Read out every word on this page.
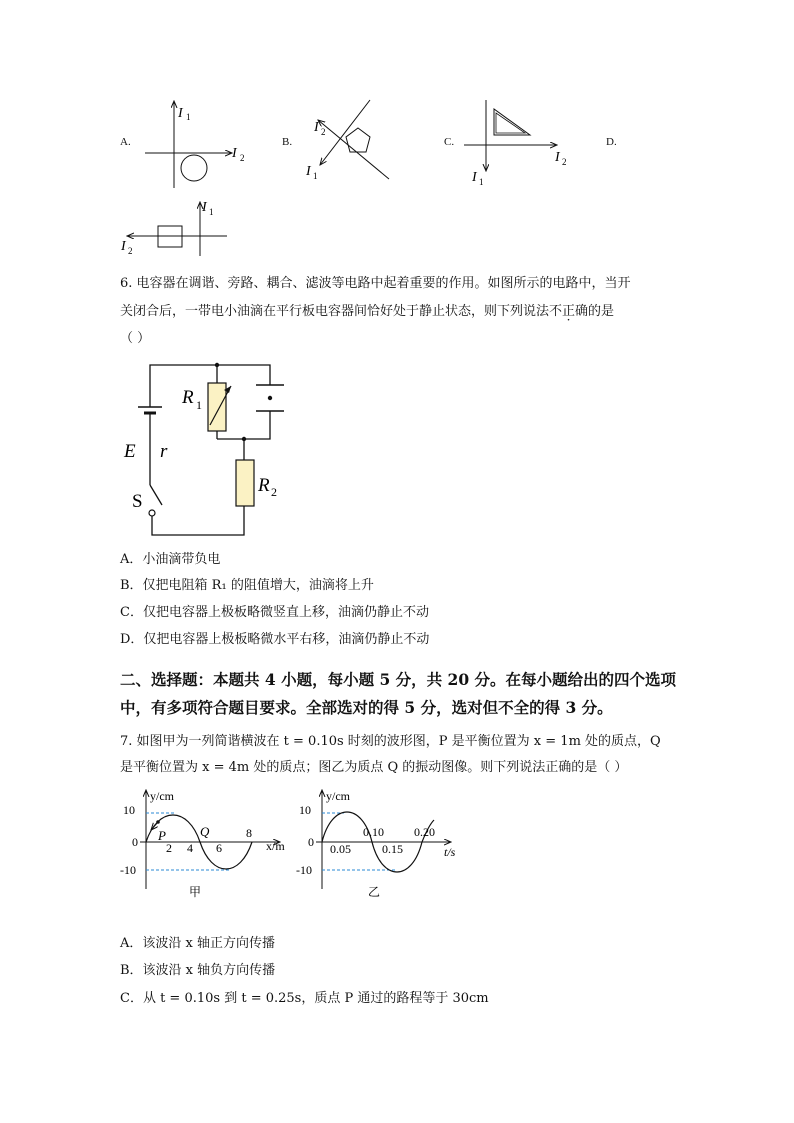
A.	B.	C.	D.
I 1
I 2
I 2
I 1
I 2
I 1
I 1
I 2
6. 电容器在调谐、旁路、耦合、滤波等电路中起着重要的作用。如图所示的电路中，当开
关闭合后，一带电小油滴在平行板电容器间恰好处于静止状态，则下列说法不正确的是
（ ）
R 1
R 2
E r
S
A．小油滴带负电
B．仅把电阻箱 R₁ 的阻值增大，油滴将上升
C．仅把电容器上极板略微竖直上移，油滴仍静止不动
D．仅把电容器上极板略微水平右移，油滴仍静止不动
二、选择题：本题共 4 小题，每小题 5 分，共 20 分。在每小题给出的四个选项
中，有多项符合题目要求。全部选对的得 5 分，选对但不全的得 3 分。
7. 如图甲为一列简谐横波在 t = 0.10s 时刻的波形图，P 是平衡位置为 x = 1m 处的质点，Q
是平衡位置为 x = 4m 处的质点；图乙为质点 Q 的振动图像。则下列说法正确的是（ ）
10
0
-10
2 4 6
8
P	Q
y/cm
x/m
甲
10
0
-10
0.05	0.15
0.10	0.20
y/cm
t/s
乙
A．该波沿 x 轴正方向传播
B．该波沿 x 轴负方向传播
C．从 t = 0.10s 到 t = 0.25s，质点 P 通过的路程等于 30cm
